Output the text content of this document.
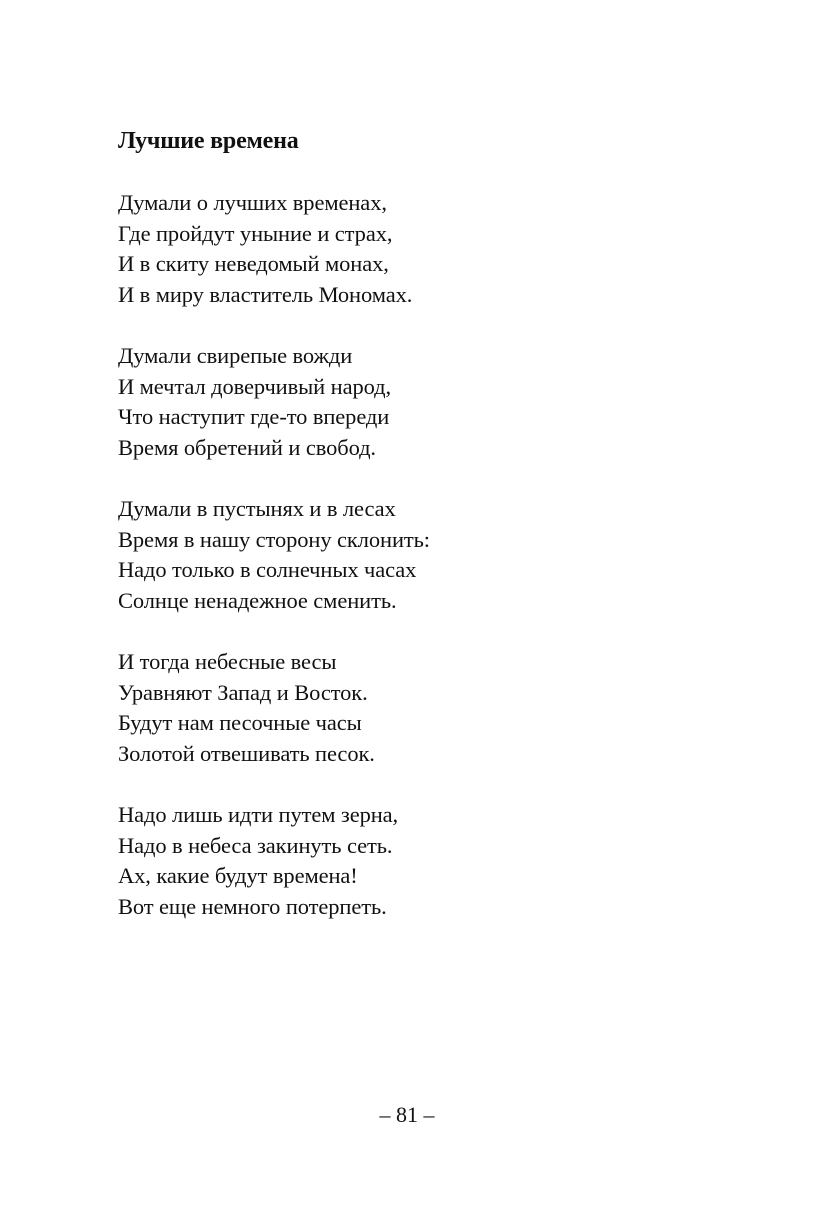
Лучшие времена
Думали о лучших временах,
Где пройдут уныние и страх,
И в скиту неведомый монах,
И в миру властитель Мономах.
Думали свирепые вожди
И мечтал доверчивый народ,
Что наступит где-то впереди
Время обретений и свобод.
Думали в пустынях и в лесах
Время в нашу сторону склонить:
Надо только в солнечных часах
Солнце ненадежное сменить.
И тогда небесные весы
Уравняют Запад и Восток.
Будут нам песочные часы
Золотой отвешивать песок.
Надо лишь идти путем зерна,
Надо в небеса закинуть сеть.
Ах, какие будут времена!
Вот еще немного потерпеть.
– 81 –
